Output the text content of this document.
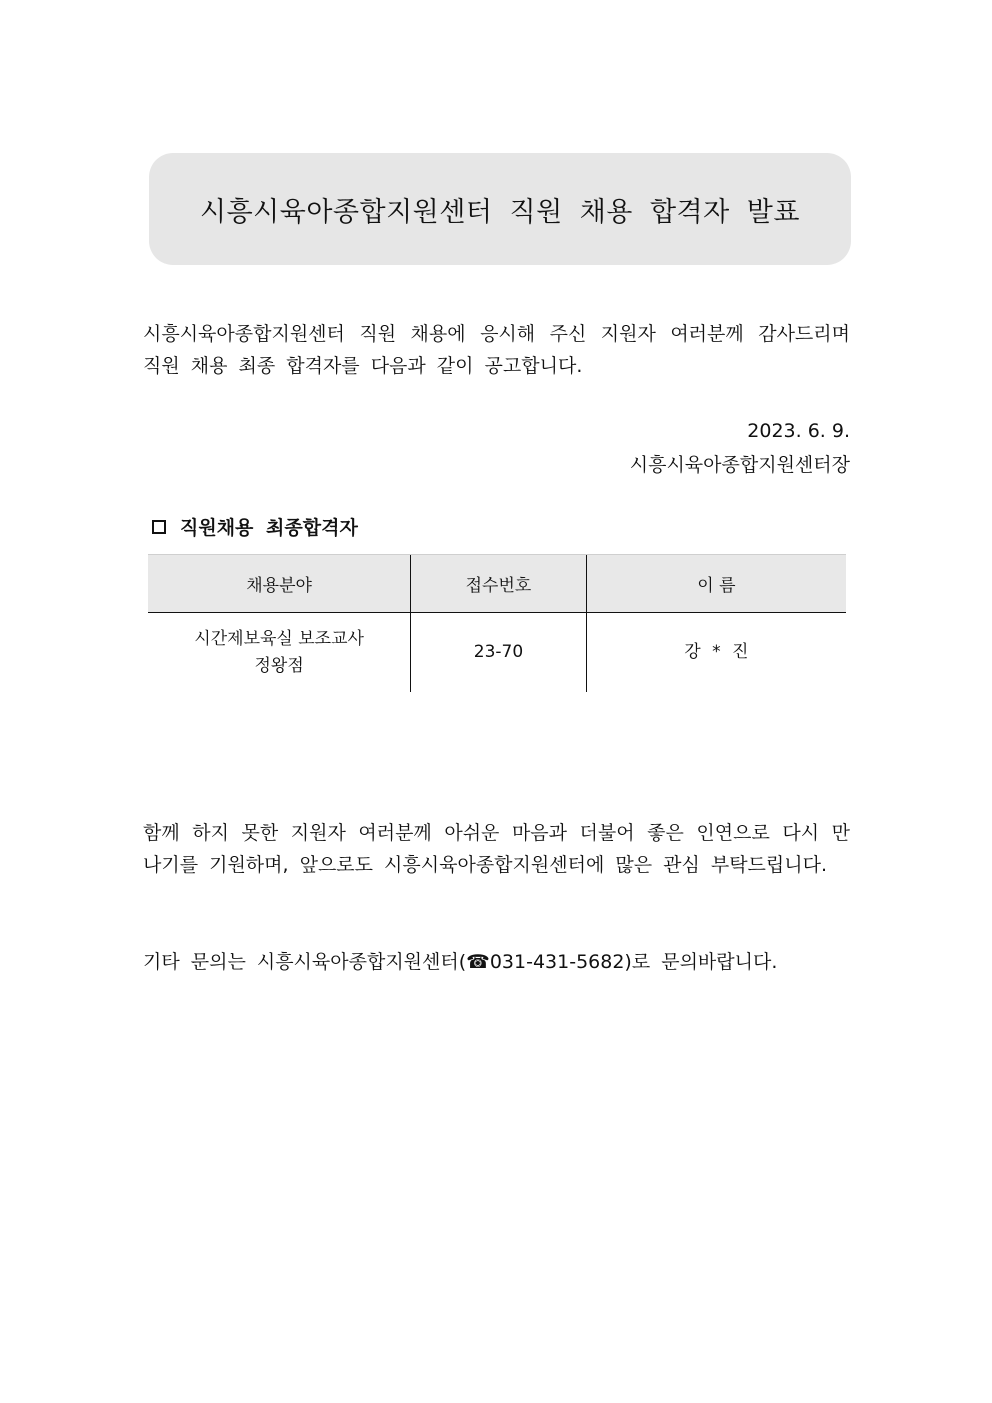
시흥시육아종합지원센터 직원 채용 합격자 발표

시흥시육아종합지원센터 직원 채용에 응시해 주신 지원자 여러분께 감사드리며 직원 채용 최종 합격자를 다음과 같이 공고합니다.

2023. 6. 9.
시흥시육아종합지원센터장
직원채용 최종합격자
채용분야	접수번호	이 름

시간제보육실 보조교사
정왕점	23-70	강 * 진

함께 하지 못한 지원자 여러분께 아쉬운 마음과 더불어 좋은 인연으로 다시 만나기를 기원하며, 앞으로도 시흥시육아종합지원센터에 많은 관심 부탁드립니다.

기타 문의는 시흥시육아종합지원센터(☎031-431-5682)로 문의바랍니다.
